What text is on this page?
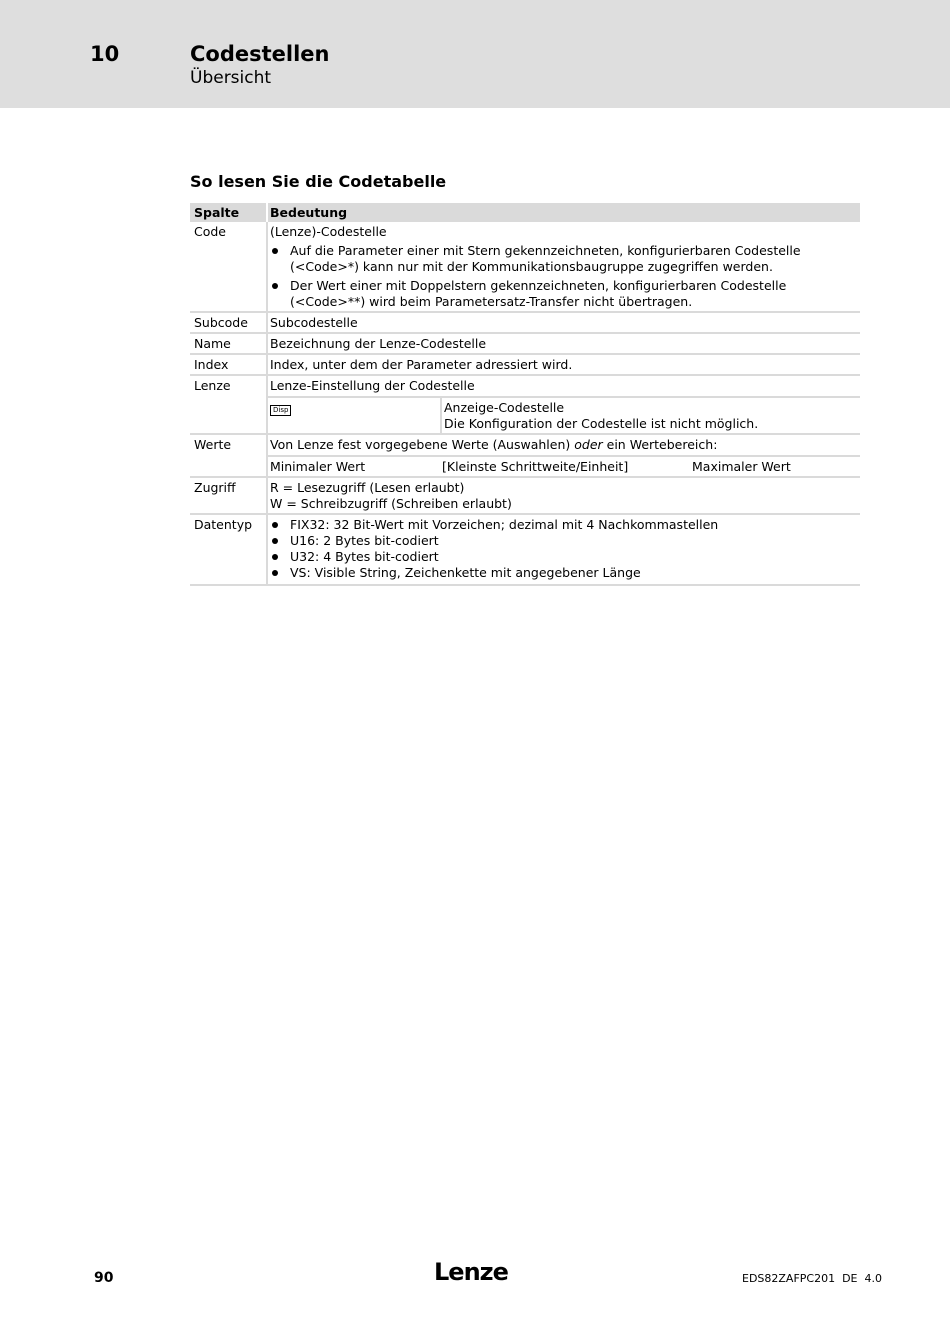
10	Codestellen
Übersicht
So lesen Sie die Codetabelle
Spalte	Bedeutung
Code	(Lenze)-Codestelle
Auf die Parameter einer mit Stern gekennzeichneten, konfigurierbaren Codestelle (<Code>*) kann nur mit der Kommunikationsbaugruppe zugegriffen werden.
Der Wert einer mit Doppelstern gekennzeichneten, konfigurierbaren Codestelle (<Code>**) wird beim Parametersatz-Transfer nicht übertragen.
Subcode	Subcodestelle
Name	Bezeichnung der Lenze-Codestelle
Index	Index, unter dem der Parameter adressiert wird.
Lenze	Lenze-Einstellung der Codestelle
Disp	Anzeige-Codestelle
Die Konfiguration der Codestelle ist nicht möglich.
Werte	Von Lenze fest vorgegebene Werte (Auswahlen) oder ein Wertebereich:
Minimaler Wert	[Kleinste Schrittweite/Einheit]	Maximaler Wert
Zugriff	R = Lesezugriff (Lesen erlaubt)
W = Schreibzugriff (Schreiben erlaubt)
Datentyp	FIX32: 32 Bit-Wert mit Vorzeichen; dezimal mit 4 Nachkommastellen
U16: 2 Bytes bit-codiert
U32: 4 Bytes bit-codiert
VS: Visible String, Zeichenkette mit angegebener Länge
90	Lenze	EDS82ZAFPC201  DE  4.0
